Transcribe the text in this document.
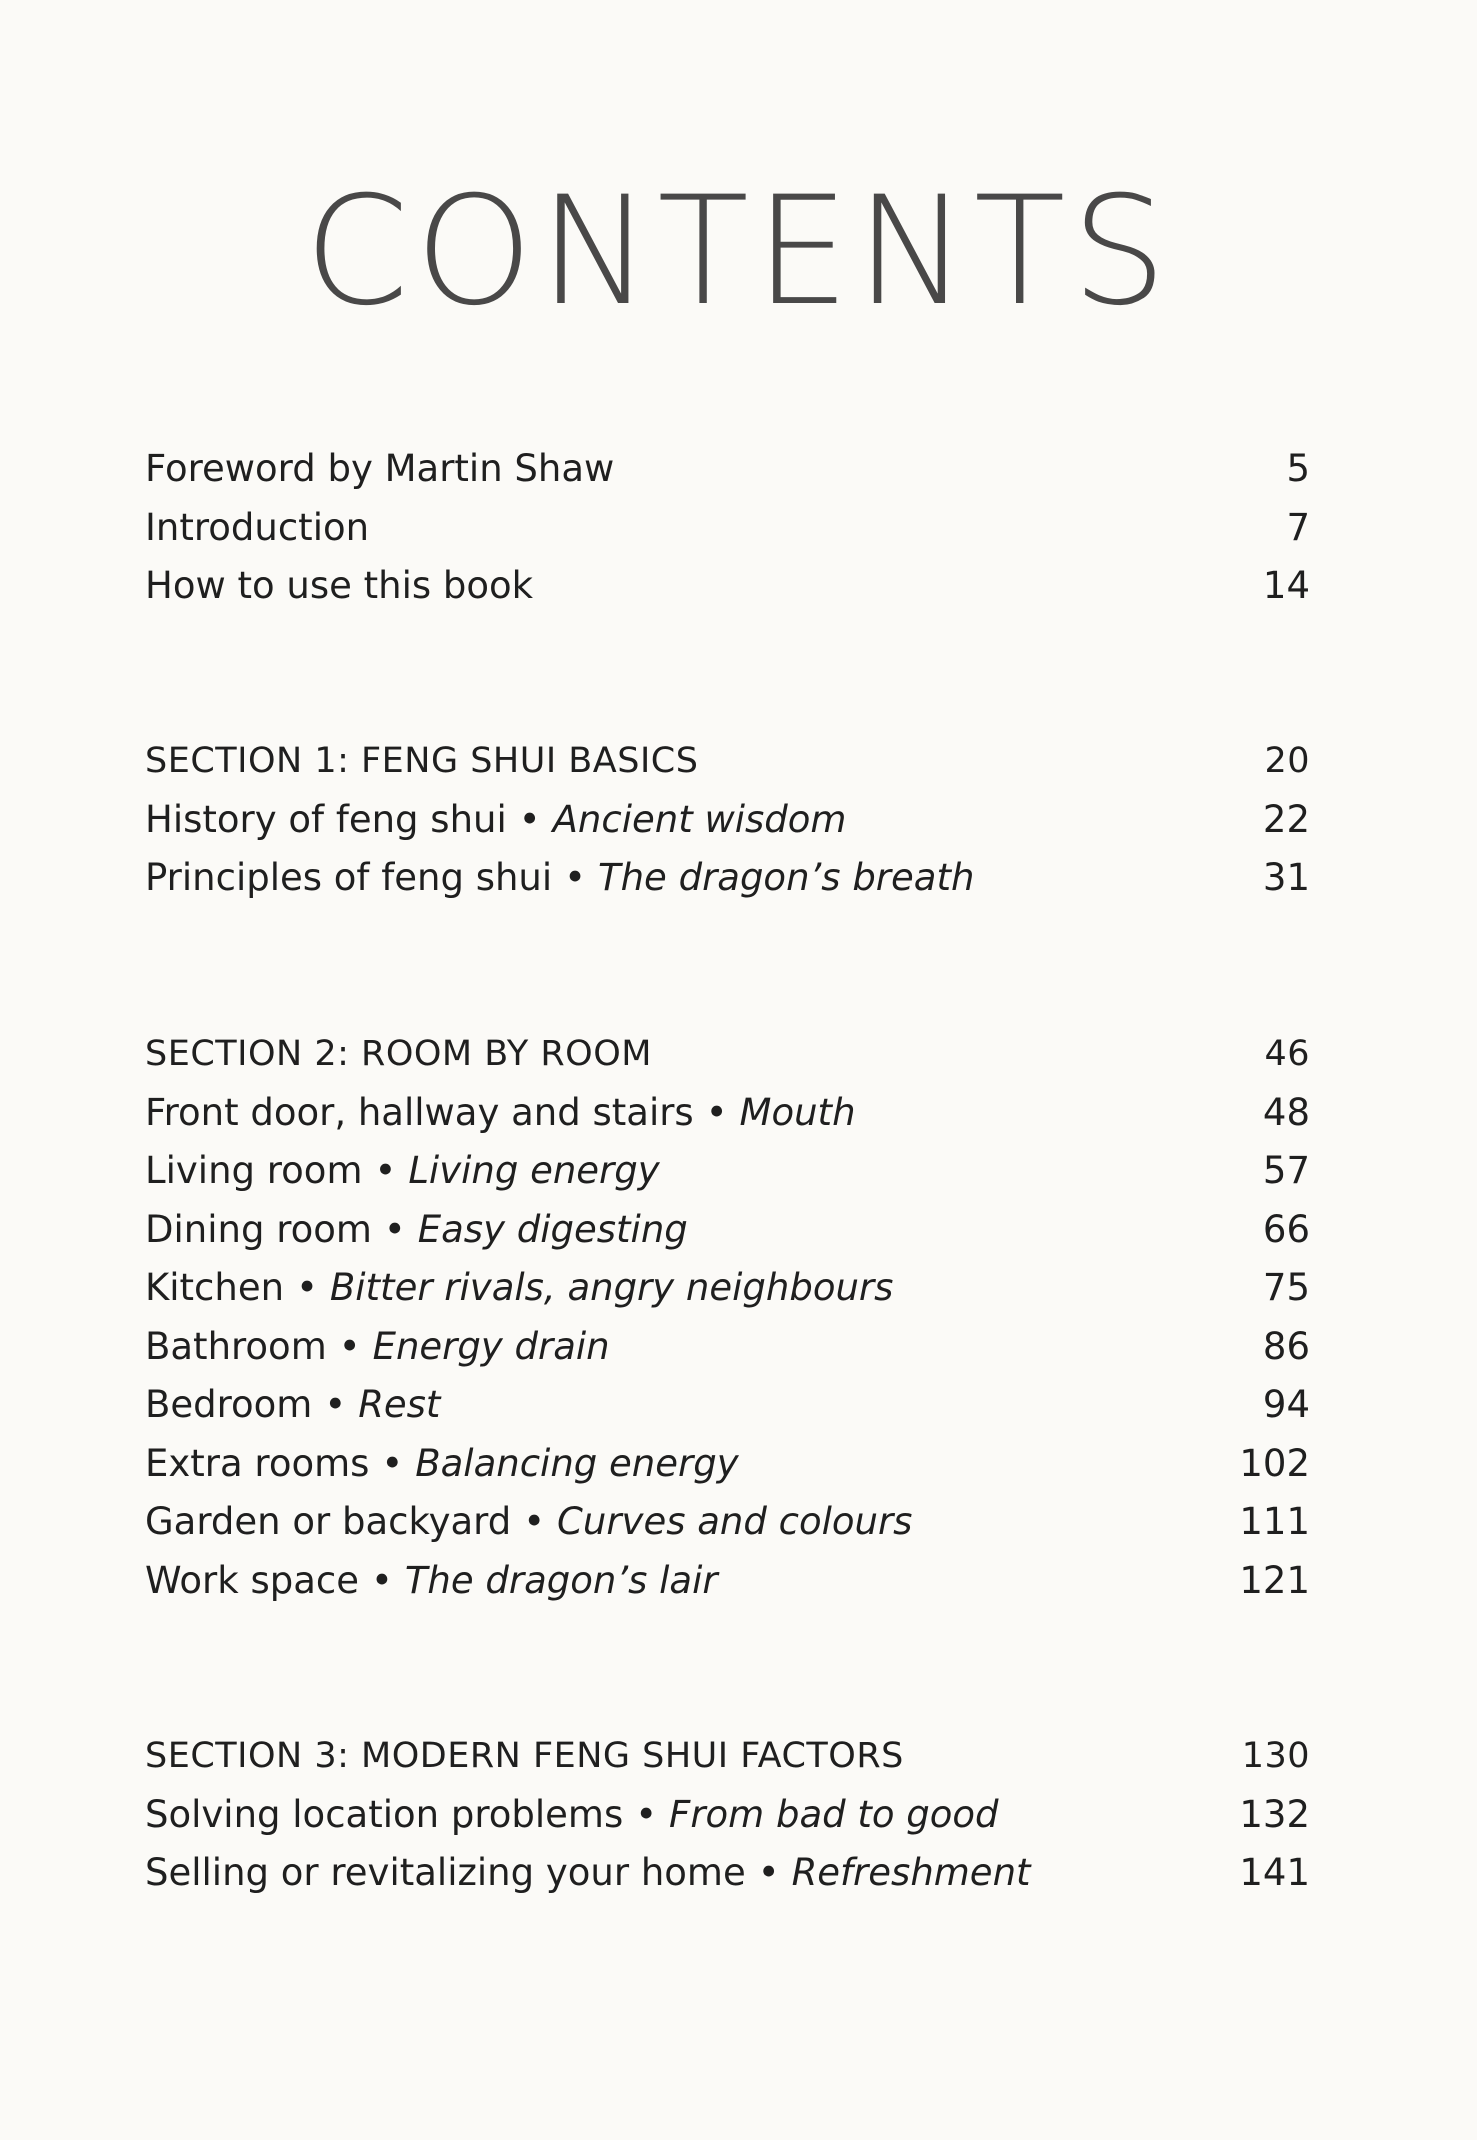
CONTENTS
Foreword by Martin Shaw	5
Introduction	7
How to use this book	14
SECTION 1: FENG SHUI BASICS	20
History of feng shui • Ancient wisdom	22
Principles of feng shui • The dragon’s breath	31
SECTION 2: ROOM BY ROOM	46
Front door, hallway and stairs • Mouth	48
Living room • Living energy	57
Dining room • Easy digesting	66
Kitchen • Bitter rivals, angry neighbours	75
Bathroom • Energy drain	86
Bedroom • Rest	94
Extra rooms • Balancing energy	102
Garden or backyard • Curves and colours	111
Work space • The dragon’s lair	121
SECTION 3: MODERN FENG SHUI FACTORS	130
Solving location problems • From bad to good	132
Selling or revitalizing your home • Refreshment	141
